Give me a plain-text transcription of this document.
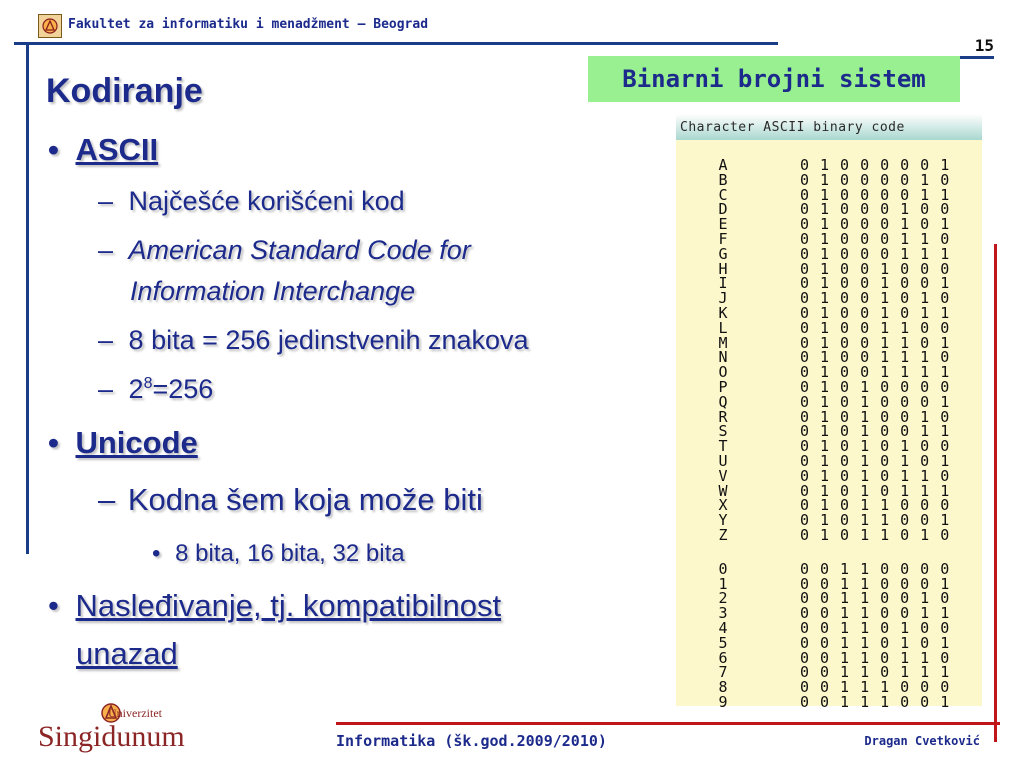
Fakultet za informatiku i menadžment – Beograd
15
Binarni brojni sistem
Kodiranje
• ASCII
– Najčešće korišćeni kod
– American Standard Code for
Information Interchange
– 8 bita = 256 jedinstvenih znakova
– $2^8=256$
• Unicode
– Kodna šem koja može biti
• 8 bita, 16 bita, 32 bita
• Nasleđivanje, tj. kompatibilnost
unazad
Character ASCII binary code
A	01000001
B	01000010
C	01000011
D	01000100
E	01000101
F	01000110
G	01000111
H	01001000
I	01001001
J	01001010
K	01001011
L	01001100
M	01001101
N	01001110
O	01001111
P	01010000
Q	01010001
R	01010010
S	01010011
T	01010100
U	01010101
V	01010110
W	01010111
X	01011000
Y	01011001
Z	01011010
0	00110000
1	00110001
2	00110010
3	00110011
4	00110100
5	00110101
6	00110110
7	00110111
8	00111000
9	00111001
Univerzitet
Singidunum	Informatika (šk.god.2009/2010)	Dragan Cvetković
